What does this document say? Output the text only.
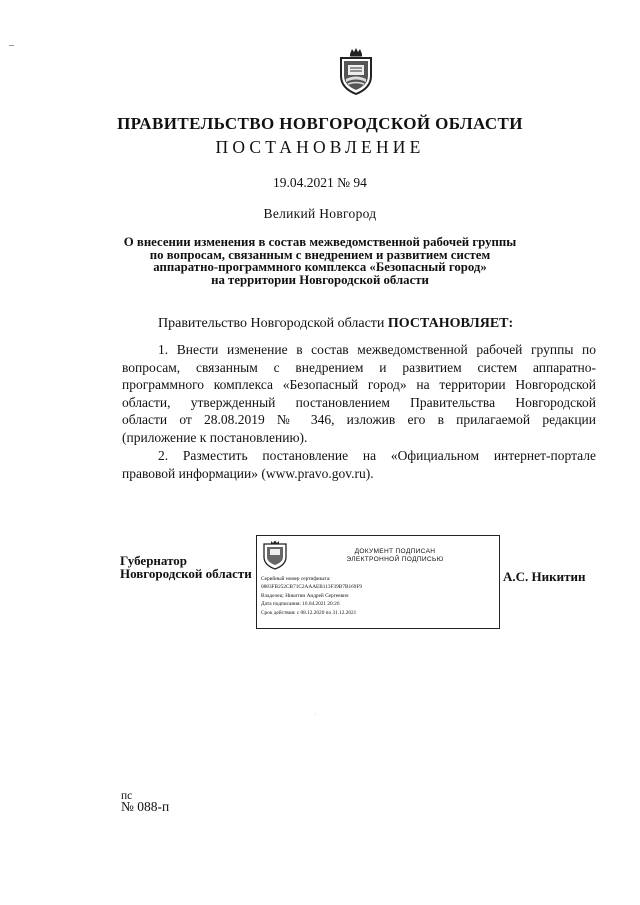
–
ПРАВИТЕЛЬСТВО НОВГОРОДСКОЙ ОБЛАСТИ
ПОСТАНОВЛЕНИЕ
19.04.2021 № 94
Великий Новгород
О внесении изменения в состав межведомственной рабочей группы
по вопросам, связанным с внедрением и развитием систем
аппаратно-программного комплекса «Безопасный город»
на территории Новгородской области
Правительство Новгородской области ПОСТАНОВЛЯЕТ:
1. Внести изменение в состав межведомственной рабочей группы по
вопросам, связанным с внедрением и развитием систем аппаратно-
программного комплекса «Безопасный город» на территории Новгородской
области, утвержденный постановлением Правительства Новгородской
области от 28.08.2019 № 346, изложив его в прилагаемой редакции
(приложение к постановлению).
2. Разместить постановление на «Официальном интернет-портале
правовой информации» (www.pravo.gov.ru).
·
Губернатор
Новгородской области
ДОКУМЕНТ ПОДПИСАН
ЭЛЕКТРОННОЙ ПОДПИСЬЮ
Серийный номер сертификата:
0883FB252CB71C2AAAEB113F39B7B169F9
Владелец: Никитин Андрей Сергеевич
Дата подписания: 16.04.2021 20:26
Срок действия: с 08.12.2020 по 31.12.2021
А.С. Никитин
пс
№ 088-п
